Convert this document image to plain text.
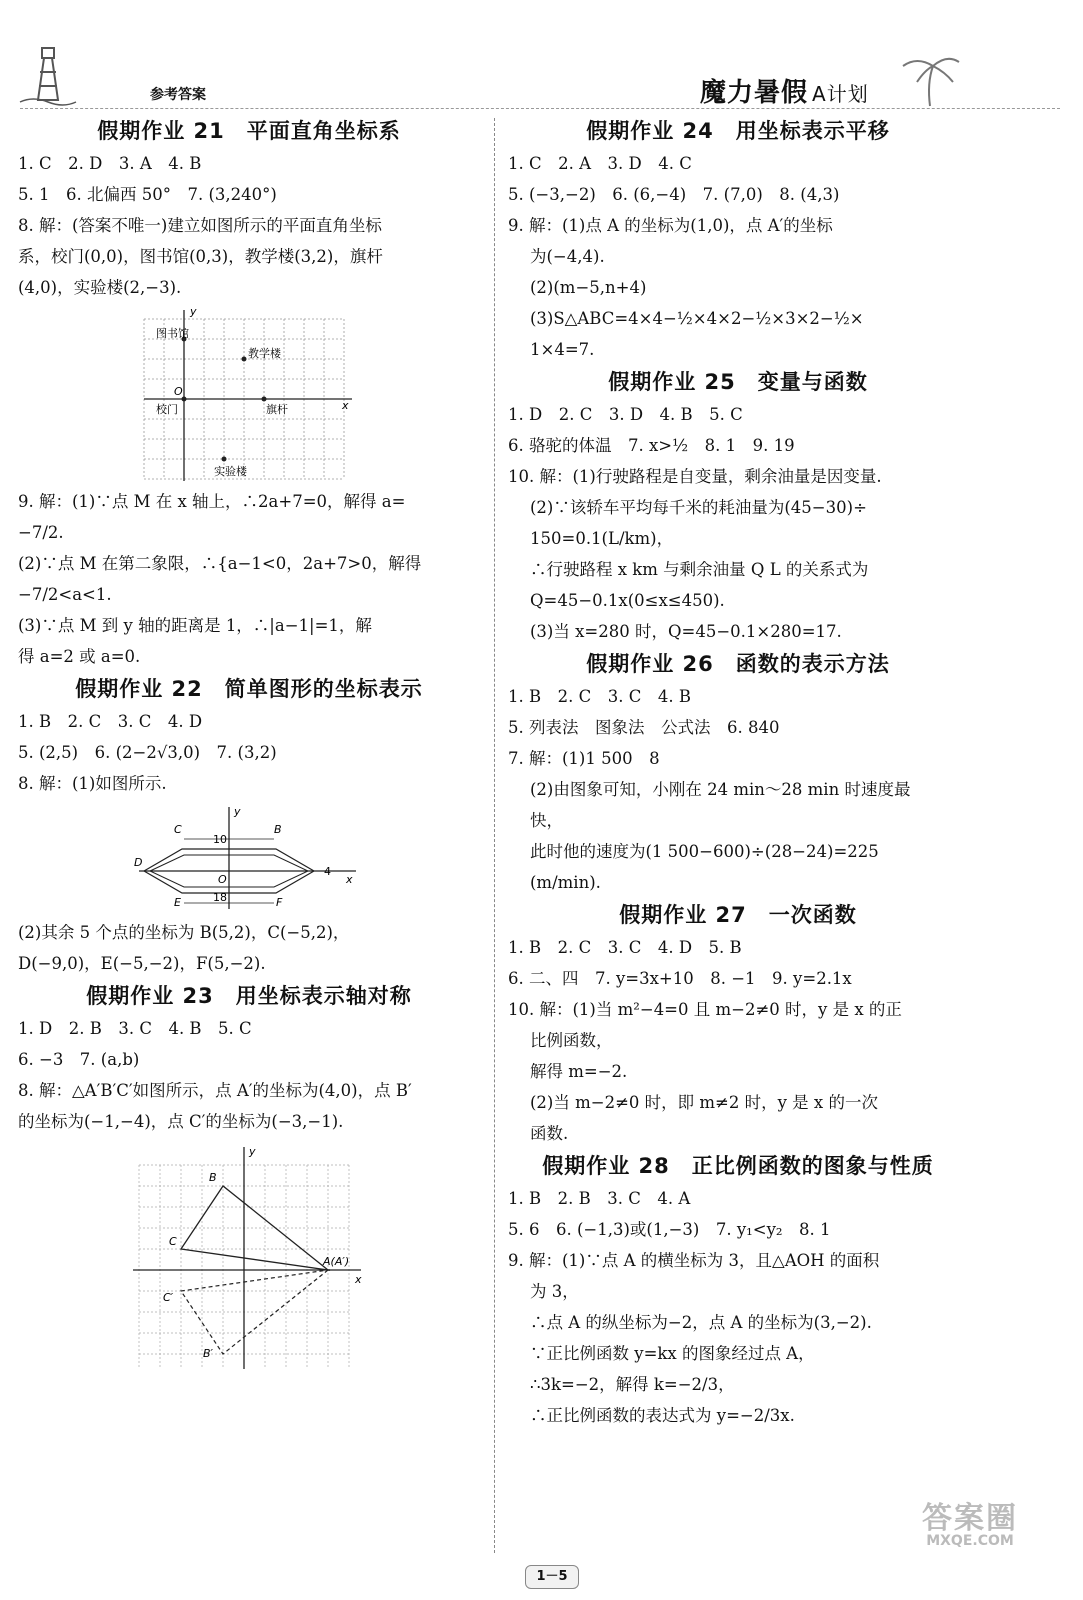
参考答案	魔力暑假 A计划
假期作业 21　平面直角坐标系
1. C　2. D　3. A　4. B
5. 1　6. 北偏西 50°　7. (3,240°)
8. 解：(答案不唯一)建立如图所示的平面直角坐标
系，校门(0,0)，图书馆(0,3)，教学楼(3,2)，旗杆
(4,0)，实验楼(2,−3).
y
x
O
图书馆
教学楼
校门	旗杆
实验楼
9. 解：(1)∵点 M 在 x 轴上，∴2a+7=0，解得 a=
−7/2.
(2)∵点 M 在第二象限，∴{a−1<0，2a+7>0，解得
−7/2<a<1.
(3)∵点 M 到 y 轴的距离是 1，∴|a−1|=1，解
得 a=2 或 a=0.
假期作业 22　简单图形的坐标表示
1. B　2. C　3. C　4. D
5. (2,5)　6. (2−2√3,0)　7. (3,2)
8. 解：(1)如图所示.
y
x
O
C	B
D
E	F
10
18
4
(2)其余 5 个点的坐标为 B(5,2)，C(−5,2)，
D(−9,0)，E(−5,−2)，F(5,−2).
假期作业 23　用坐标表示轴对称
1. D　2. B　3. C　4. B　5. C
6. −3　7. (a,b)
8. 解：△A′B′C′如图所示，点 A′的坐标为(4,0)，点 B′
的坐标为(−1,−4)，点 C′的坐标为(−3,−1).
y
x
B
C
A(A′)
C′
B′
假期作业 24　用坐标表示平移
1. C　2. A　3. D　4. C
5. (−3,−2)　6. (6,−4)　7. (7,0)　8. (4,3)
9. 解：(1)点 A 的坐标为(1,0)，点 A′的坐标
为(−4,4).
(2)(m−5,n+4)
(3)S△ABC=4×4−½×4×2−½×3×2−½×
1×4=7.
假期作业 25　变量与函数
1. D　2. C　3. D　4. B　5. C
6. 骆驼的体温　7. x>½　8. 1　9. 19
10. 解：(1)行驶路程是自变量，剩余油量是因变量.
(2)∵该轿车平均每千米的耗油量为(45−30)÷
150=0.1(L/km)，
∴行驶路程 x km 与剩余油量 Q L 的关系式为
Q=45−0.1x(0≤x≤450).
(3)当 x=280 时，Q=45−0.1×280=17.
假期作业 26　函数的表示方法
1. B　2. C　3. C　4. B
5. 列表法　图象法　公式法　6. 840
7. 解：(1)1 500　8
(2)由图象可知，小刚在 24 min～28 min 时速度最
快，
此时他的速度为(1 500−600)÷(28−24)=225
(m/min).
假期作业 27　一次函数
1. B　2. C　3. C　4. D　5. B
6. 二、四　7. y=3x+10　8. −1　9. y=2.1x
10. 解：(1)当 m²−4=0 且 m−2≠0 时，y 是 x 的正
比例函数，
解得 m=−2.
(2)当 m−2≠0 时，即 m≠2 时，y 是 x 的一次
函数.
假期作业 28　正比例函数的图象与性质
1. B　2. B　3. C　4. A
5. 6　6. (−1,3)或(1,−3)　7. y₁<y₂　8. 1
9. 解：(1)∵点 A 的横坐标为 3，且△AOH 的面积
为 3，
∴点 A 的纵坐标为−2，点 A 的坐标为(3,−2).
∵正比例函数 y=kx 的图象经过点 A，
∴3k=−2，解得 k=−2/3，
∴正比例函数的表达式为 y=−2/3x.
1－5
答案圈
MXQE.COM
